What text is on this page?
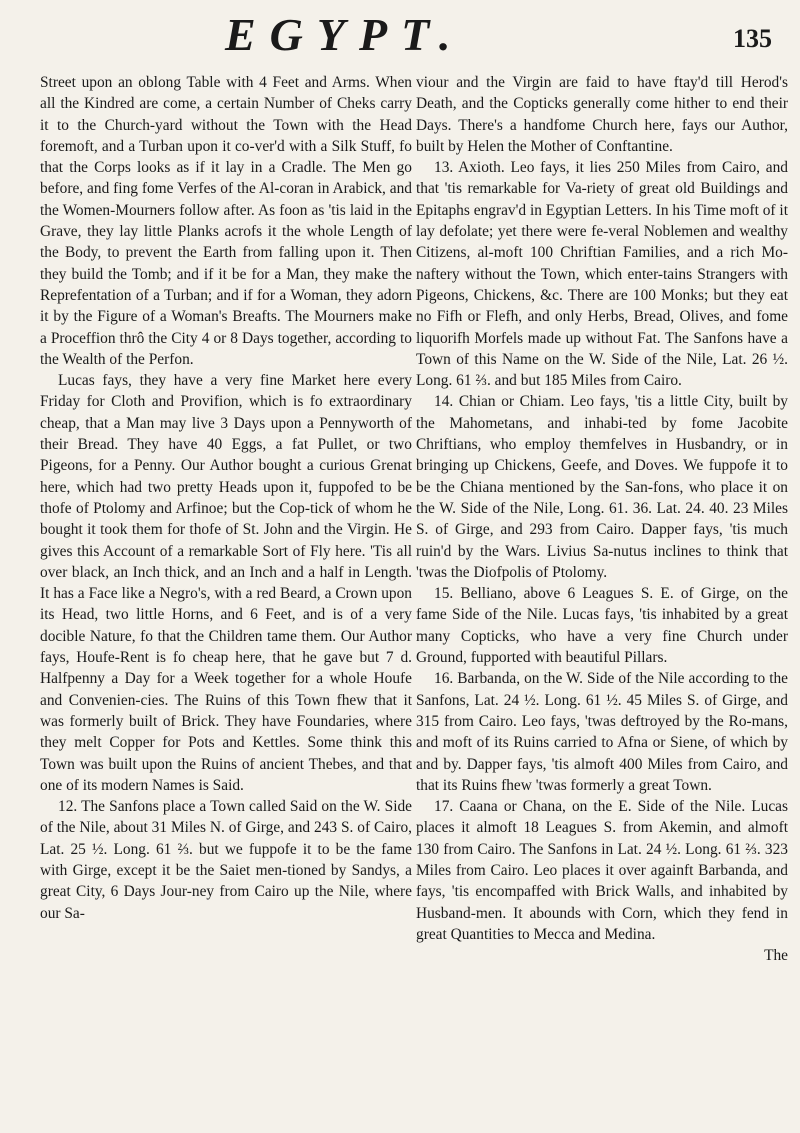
EGYPT.	135

Street upon an oblong Table with 4 Feet and Arms. When all the Kindred are come, a certain Number of Cheks carry it to the Church-yard without the Town with the Head foremoft, and a Turban upon it co-ver'd with a Silk Stuff, fo that the Corps looks as if it lay in a Cradle. The Men go before, and fing fome Verfes of the Al-coran in Arabick, and the Women-Mourners follow after. As foon as 'tis laid in the Grave, they lay little Planks acrofs it the whole Length of the Body, to prevent the Earth from falling upon it. Then they build the Tomb; and if it be for a Man, they make the Reprefentation of a Turban; and if for a Woman, they adorn it by the Figure of a Woman's Breafts. The Mourners make a Proceffion thrô the City 4 or 8 Days together, according to the Wealth of the Perfon.

Lucas fays, they have a very fine Market here every Friday for Cloth and Provifion, which is fo extraordinary cheap, that a Man may live 3 Days upon a Pennyworth of their Bread. They have 40 Eggs, a fat Pullet, or two Pigeons, for a Penny. Our Author bought a curious Grenat here, which had two pretty Heads upon it, fuppofed to be thofe of Ptolomy and Arfinoe; but the Cop-tick of whom he bought it took them for thofe of St. John and the Virgin. He gives this Account of a remarkable Sort of Fly here. 'Tis all over black, an Inch thick, and an Inch and a half in Length. It has a Face like a Negro's, with a red Beard, a Crown upon its Head, two little Horns, and 6 Feet, and is of a very docible Nature, fo that the Children tame them. Our Author fays, Houfe-Rent is fo cheap here, that he gave but 7 d. Halfpenny a Day for a Week together for a whole Houfe and Convenien-cies. The Ruins of this Town fhew that it was formerly built of Brick. They have Foundaries, where they melt Copper for Pots and Kettles. Some think this Town was built upon the Ruins of ancient Thebes, and that one of its modern Names is Said.

12. The Sanfons place a Town called Said on the W. Side of the Nile, about 31 Miles N. of Girge, and 243 S. of Cairo, Lat. 25 ½. Long. 61 ⅔. but we fuppofe it to be the fame with Girge, except it be the Saiet men-tioned by Sandys, a great City, 6 Days Jour-ney from Cairo up the Nile, where our Sa-

viour and the Virgin are faid to have ftay'd till Herod's Death, and the Copticks generally come hither to end their Days. There's a handfome Church here, fays our Author, built by Helen the Mother of Conftantine.

13. Axioth. Leo fays, it lies 250 Miles from Cairo, and that 'tis remarkable for Va-riety of great old Buildings and Epitaphs engrav'd in Egyptian Letters. In his Time moft of it lay defolate; yet there were fe-veral Noblemen and wealthy Citizens, al-moft 100 Chriftian Families, and a rich Mo-naftery without the Town, which enter-tains Strangers with Pigeons, Chickens, &c. There are 100 Monks; but they eat no Fifh or Flefh, and only Herbs, Bread, Olives, and fome liquorifh Morfels made up without Fat. The Sanfons have a Town of this Name on the W. Side of the Nile, Lat. 26 ½. Long. 61 ⅔. and but 185 Miles from Cairo.

14. Chian or Chiam. Leo fays, 'tis a little City, built by the Mahometans, and inhabi-ted by fome Jacobite Chriftians, who employ themfelves in Husbandry, or in bringing up Chickens, Geefe, and Doves. We fuppofe it to be the Chiana mentioned by the San-fons, who place it on the W. Side of the Nile, Long. 61. 36. Lat. 24. 40. 23 Miles S. of Girge, and 293 from Cairo. Dapper fays, 'tis much ruin'd by the Wars. Livius Sa-nutus inclines to think that 'twas the Diofpolis of Ptolomy.

15. Belliano, above 6 Leagues S. E. of Girge, on the fame Side of the Nile. Lucas fays, 'tis inhabited by a great many Copticks, who have a very fine Church under Ground, fupported with beautiful Pillars.

16. Barbanda, on the W. Side of the Nile according to the Sanfons, Lat. 24 ½. Long. 61 ½. 45 Miles S. of Girge, and 315 from Cairo. Leo fays, 'twas deftroyed by the Ro-mans, and moft of its Ruins carried to Afna or Siene, of which by and by. Dapper fays, 'tis almoft 400 Miles from Cairo, and that its Ruins fhew 'twas formerly a great Town.

17. Caana or Chana, on the E. Side of the Nile. Lucas places it almoft 18 Leagues S. from Akemin, and almoft 130 from Cairo. The Sanfons in Lat. 24 ½. Long. 61 ⅔. 323 Miles from Cairo. Leo places it over againft Barbanda, and fays, 'tis encompaffed with Brick Walls, and inhabited by Husband-men. It abounds with Corn, which they fend in great Quantities to Mecca and Medina.

The
